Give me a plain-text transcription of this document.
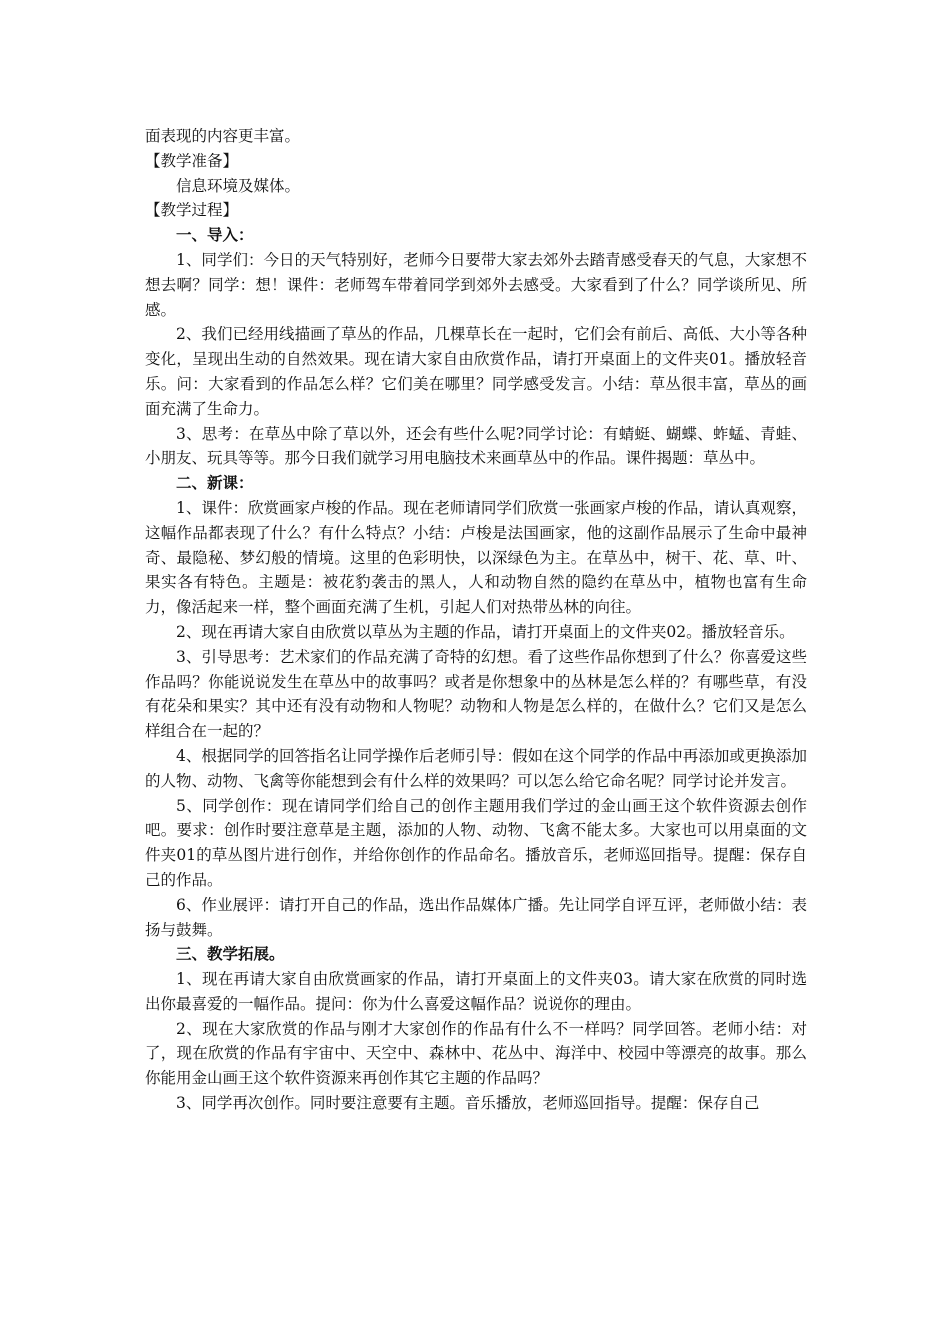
面表现的内容更丰富。

【教学准备】

信息环境及媒体。

【教学过程】

一、导入：

1、同学们：今日的天气特别好，老师今日要带大家去郊外去踏青感受春天的气息，大家想不想去啊？同学：想！课件：老师驾车带着同学到郊外去感受。大家看到了什么？同学谈所见、所感。

2、我们已经用线描画了草丛的作品，几棵草长在一起时，它们会有前后、高低、大小等各种变化，呈现出生动的自然效果。现在请大家自由欣赏作品，请打开桌面上的文件夹01。播放轻音乐。问：大家看到的作品怎么样？它们美在哪里？同学感受发言。小结：草丛很丰富，草丛的画面充满了生命力。

3、思考：在草丛中除了草以外，还会有些什么呢?同学讨论：有蜻蜓、蝴蝶、蚱蜢、青蛙、小朋友、玩具等等。那今日我们就学习用电脑技术来画草丛中的作品。课件揭题：草丛中。

二、新课：

1、课件：欣赏画家卢梭的作品。现在老师请同学们欣赏一张画家卢梭的作品，请认真观察，这幅作品都表现了什么？有什么特点？小结：卢梭是法国画家，他的这副作品展示了生命中最神奇、最隐秘、梦幻般的情境。这里的色彩明快，以深绿色为主。在草丛中，树干、花、草、叶、果实各有特色。主题是：被花豹袭击的黑人，人和动物自然的隐约在草丛中，植物也富有生命力，像活起来一样，整个画面充满了生机，引起人们对热带丛林的向往。

2、现在再请大家自由欣赏以草丛为主题的作品，请打开桌面上的文件夹02。播放轻音乐。

3、引导思考：艺术家们的作品充满了奇特的幻想。看了这些作品你想到了什么？你喜爱这些作品吗？你能说说发生在草丛中的故事吗？或者是你想象中的丛林是怎么样的？有哪些草，有没有花朵和果实？其中还有没有动物和人物呢？动物和人物是怎么样的，在做什么？它们又是怎么样组合在一起的？

4、根据同学的回答指名让同学操作后老师引导：假如在这个同学的作品中再添加或更换添加的人物、动物、飞禽等你能想到会有什么样的效果吗？可以怎么给它命名呢？同学讨论并发言。

5、同学创作：现在请同学们给自己的创作主题用我们学过的金山画王这个软件资源去创作吧。要求：创作时要注意草是主题，添加的人物、动物、飞禽不能太多。大家也可以用桌面的文件夹01的草丛图片进行创作，并给你创作的作品命名。播放音乐，老师巡回指导。提醒：保存自己的作品。

6、作业展评：请打开自己的作品，选出作品媒体广播。先让同学自评互评，老师做小结：表扬与鼓舞。

三、教学拓展。

1、现在再请大家自由欣赏画家的作品，请打开桌面上的文件夹03。请大家在欣赏的同时选出你最喜爱的一幅作品。提问：你为什么喜爱这幅作品？说说你的理由。

2、现在大家欣赏的作品与刚才大家创作的作品有什么不一样吗？同学回答。老师小结：对了，现在欣赏的作品有宇宙中、天空中、森林中、花丛中、海洋中、校园中等漂亮的故事。那么你能用金山画王这个软件资源来再创作其它主题的作品吗？

3、同学再次创作。同时要注意要有主题。音乐播放，老师巡回指导。提醒：保存自己
